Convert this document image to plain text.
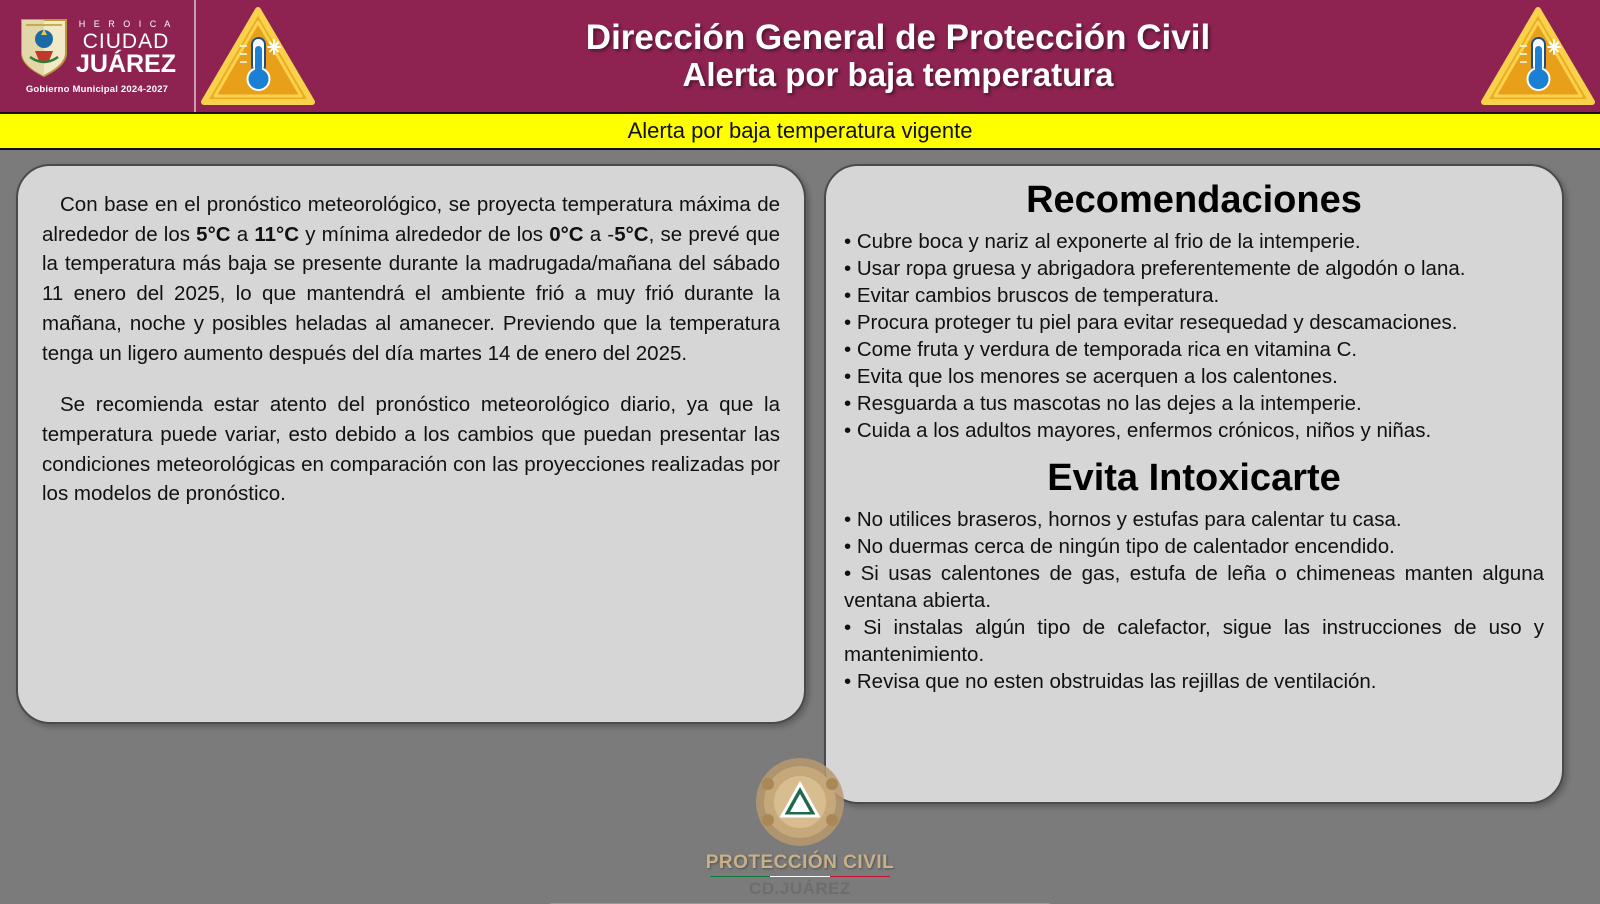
H E R O I C A
CIUDAD
JUÁREZ
Gobierno Municipal 2024-2027
Dirección General de Protección Civil
Alerta por baja temperatura
Alerta por baja temperatura vigente

Con base en el pronóstico meteorológico, se proyecta temperatura máxima de alrededor de los 5°C a 11°C y mínima alrededor de los 0°C a -5°C, se prevé que la temperatura más baja se presente durante la madrugada/mañana del sábado 11 enero del 2025, lo que mantendrá el ambiente frió a muy frió durante la mañana, noche y posibles heladas al amanecer. Previendo que la temperatura tenga un ligero aumento después del día martes 14 de enero del 2025.

Se recomienda estar atento del pronóstico meteorológico diario, ya que la temperatura puede variar, esto debido a los cambios que puedan presentar las condiciones meteorológicas en comparación con las proyecciones realizadas por los modelos de pronóstico.

Recomendaciones
• Cubre boca y nariz al exponerte al frio de la intemperie.
• Usar ropa gruesa y abrigadora preferentemente de algodón o lana.
• Evitar cambios bruscos de temperatura.
• Procura proteger tu piel para evitar resequedad y descamaciones.
• Come fruta y verdura de temporada rica en vitamina C.
• Evita que los menores se acerquen a los calentones.
• Resguarda a tus mascotas no las dejes a la intemperie.
• Cuida a los adultos mayores, enfermos crónicos, niños y niñas.
Evita Intoxicarte
• No utilices braseros, hornos y estufas para calentar tu casa.
• No duermas cerca de ningún tipo de calentador encendido.
• Si usas calentones de gas, estufa de leña o chimeneas manten alguna ventana abierta.
• Si instalas algún tipo de calefactor, sigue las instrucciones de uso y mantenimiento.
• Revisa que no esten obstruidas las rejillas de ventilación.
PROTECCIÓN CIVIL
CD.JUÁREZ
